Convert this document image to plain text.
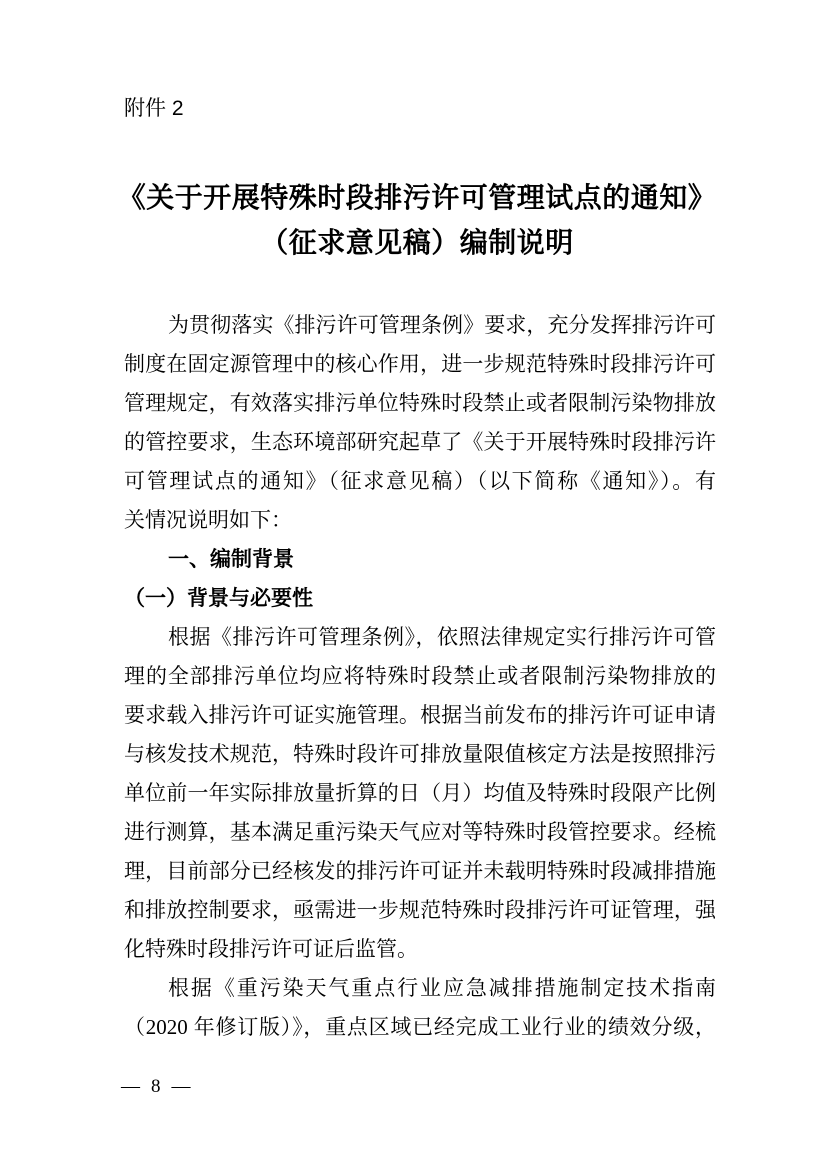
附件 2
《关于开展特殊时段排污许可管理试点的通知》
（征求意见稿）编制说明
为贯彻落实《排污许可管理条例》要求，充分发挥排污许可
制度在固定源管理中的核心作用，进一步规范特殊时段排污许可
管理规定，有效落实排污单位特殊时段禁止或者限制污染物排放
的管控要求，生态环境部研究起草了《关于开展特殊时段排污许
可管理试点的通知》（征求意见稿）（以下简称《通知》）。有
关情况说明如下：
一、编制背景
（一）背景与必要性
根据《排污许可管理条例》，依照法律规定实行排污许可管
理的全部排污单位均应将特殊时段禁止或者限制污染物排放的
要求载入排污许可证实施管理。根据当前发布的排污许可证申请
与核发技术规范，特殊时段许可排放量限值核定方法是按照排污
单位前一年实际排放量折算的日（月）均值及特殊时段限产比例
进行测算，基本满足重污染天气应对等特殊时段管控要求。经梳
理，目前部分已经核发的排污许可证并未载明特殊时段减排措施
和排放控制要求，亟需进一步规范特殊时段排污许可证管理，强
化特殊时段排污许可证后监管。
根据《重污染天气重点行业应急减排措施制定技术指南
（2020 年修订版）》，重点区域已经完成工业行业的绩效分级，
— 8 —
